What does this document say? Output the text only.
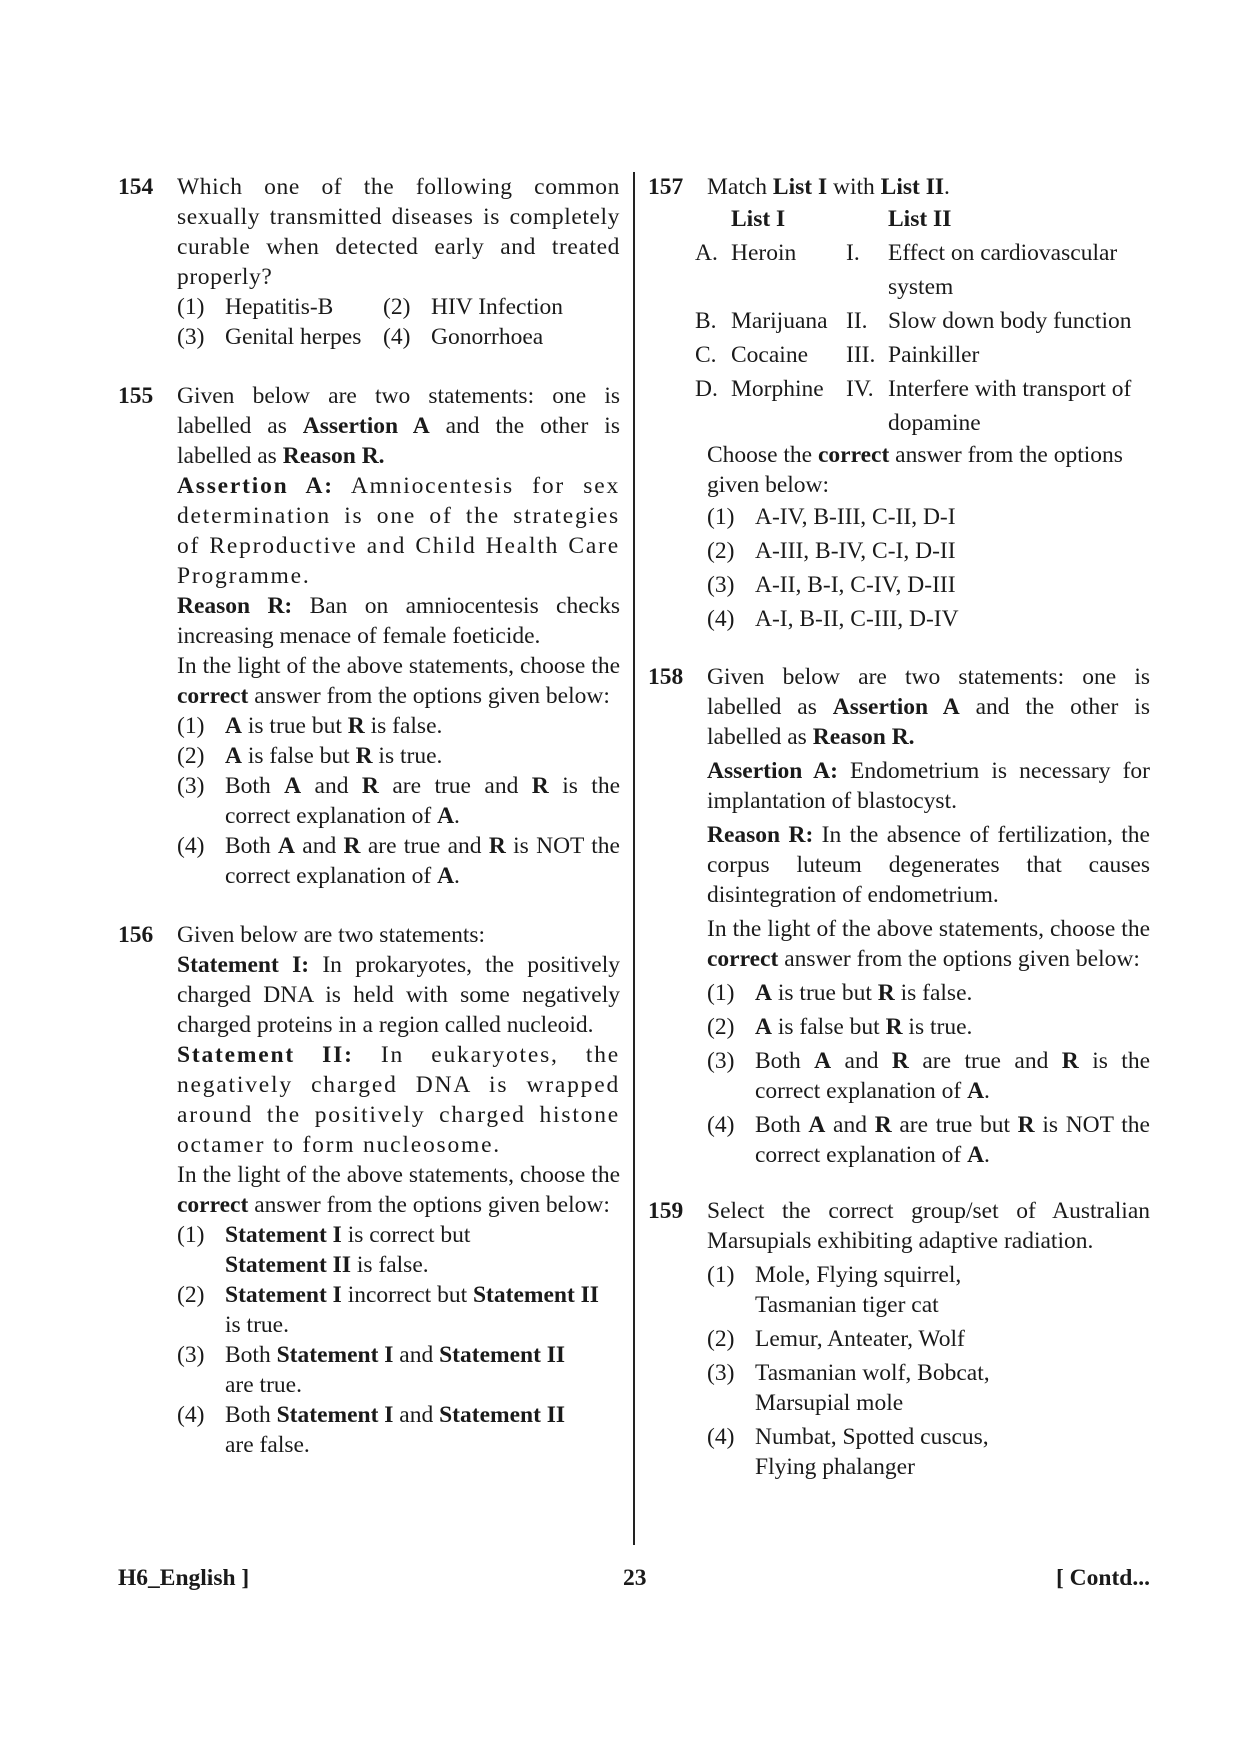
154 Which one of the following common sexually transmitted diseases is completely curable when detected early and treated properly?
(1) Hepatitis-B	(2) HIV Infection
(3) Genital herpes (4) Gonorrhoea
155 Given below are two statements: one is labelled as Assertion A and the other is labelled as Reason R.
Assertion A: Amniocentesis for sex determination is one of the strategies of Reproductive and Child Health Care Programme.
Reason R: Ban on amniocentesis checks increasing menace of female foeticide.
In the light of the above statements, choose the correct answer from the options given below:
(1) A is true but R is false.
(2) A is false but R is true.
(3) Both A and R are true and R is the correct explanation of A.
(4) Both A and R are true and R is NOT the correct explanation of A.
156 Given below are two statements:
Statement I: In prokaryotes, the positively charged DNA is held with some negatively charged proteins in a region called nucleoid.
Statement II: In eukaryotes, the negatively charged DNA is wrapped around the positively charged histone octamer to form nucleosome.
In the light of the above statements, choose the correct answer from the options given below:
(1) Statement I is correct but
Statement II is false.
(2) Statement I incorrect but Statement II is true.
(3) Both Statement I and Statement II
are true.
(4) Both Statement I and Statement II
are false.
157 Match List I with List II.
List I	List II
A. Heroin	I.	Effect on cardiovascular system
B. Marijuana II. Slow down body function
C. Cocaine	III. Painkiller
D. Morphine IV. Interfere with transport of dopamine
Choose the correct answer from the options given below:
(1) A-IV, B-III, C-II, D-I
(2) A-III, B-IV, C-I, D-II
(3) A-II, B-I, C-IV, D-III
(4) A-I, B-II, C-III, D-IV
158 Given below are two statements: one is labelled as Assertion A and the other is labelled as Reason R.
Assertion A: Endometrium is necessary for implantation of blastocyst.
Reason R: In the absence of fertilization, the corpus luteum degenerates that causes disintegration of endometrium.
In the light of the above statements, choose the correct answer from the options given below:
(1) A is true but R is false.
(2) A is false but R is true.
(3) Both A and R are true and R is the correct explanation of A.
(4) Both A and R are true but R is NOT the correct explanation of A.
159 Select the correct group/set of Australian Marsupials exhibiting adaptive radiation.
(1) Mole, Flying squirrel,
Tasmanian tiger cat
(2) Lemur, Anteater, Wolf
(3) Tasmanian wolf, Bobcat,
Marsupial mole
(4) Numbat, Spotted cuscus,
Flying phalanger
H6_English ]	23	[ Contd...
